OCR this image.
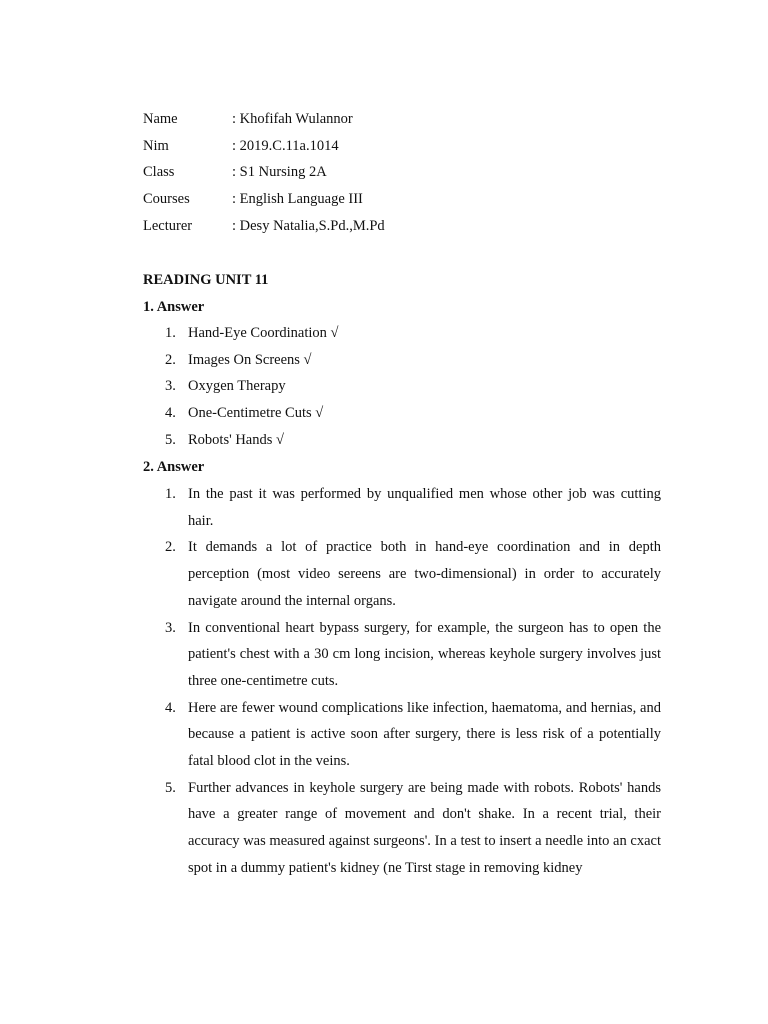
Name	: Khofifah Wulannor
Nim	: 2019.C.11a.1014
Class	: S1 Nursing 2A
Courses	: English Language III
Lecturer	: Desy Natalia,S.Pd.,M.Pd
READING UNIT 11
1. Answer
1. Hand-Eye Coordination √
2. Images On Screens √
3. Oxygen Therapy
4. One-Centimetre Cuts √
5. Robots' Hands √
2. Answer
1. In the past it was performed by unqualified men whose other job was cutting hair.
2. It demands a lot of practice both in hand-eye coordination and in depth perception (most video sereens are two-dimensional) in order to accurately navigate around the internal organs.
3. In conventional heart bypass surgery, for example, the surgeon has to open the patient's chest with a 30 cm long incision, whereas keyhole surgery involves just three one-centimetre cuts.
4. Here are fewer wound complications like infection, haematoma, and hernias, and because a patient is active soon after surgery, there is less risk of a potentially fatal blood clot in the veins.
5. Further advances in keyhole surgery are being made with robots. Robots' hands have a greater range of movement and don't shake. In a recent trial, their accuracy was measured against surgeons'. In a test to insert a needle into an cxact spot in a dummy patient's kidney (ne Tirst stage in removing kidney
